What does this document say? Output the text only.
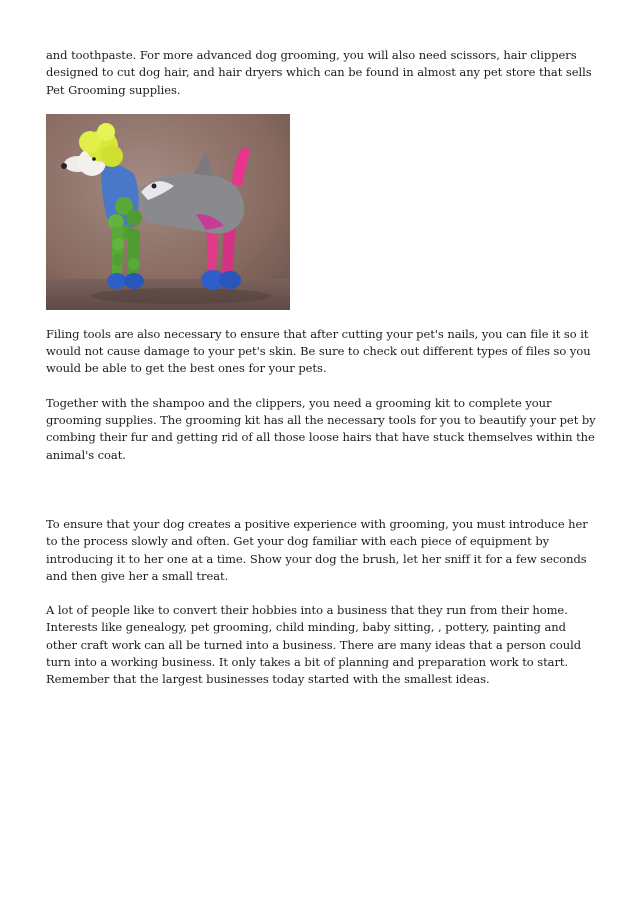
and toothpaste. For more advanced dog grooming, you will also need scissors, hair clippers designed to cut dog hair, and hair dryers which can be found in almost any pet store that sells Pet Grooming supplies.

Filing tools are also necessary to ensure that after cutting your pet's nails, you can file it so it would not cause damage to your pet's skin. Be sure to check out different types of files so you would be able to get the best ones for your pets.

Together with the shampoo and the clippers, you need a grooming kit to complete your grooming supplies. The grooming kit has all the necessary tools for you to beautify your pet by combing their fur and getting rid of all those loose hairs that have stuck themselves within the animal's coat.

To ensure that your dog creates a positive experience with grooming, you must introduce her to the process slowly and often. Get your dog familiar with each piece of equipment by introducing it to her one at a time. Show your dog the brush, let her sniff it for a few seconds and then give her a small treat.

A lot of people like to convert their hobbies into a business that they run from their home. Interests like genealogy, pet grooming, child minding, baby sitting, , pottery, painting and other craft work can all be turned into a business. There are many ideas that a person could turn into a working business. It only takes a bit of planning and preparation work to start. Remember that the largest businesses today started with the smallest ideas.
